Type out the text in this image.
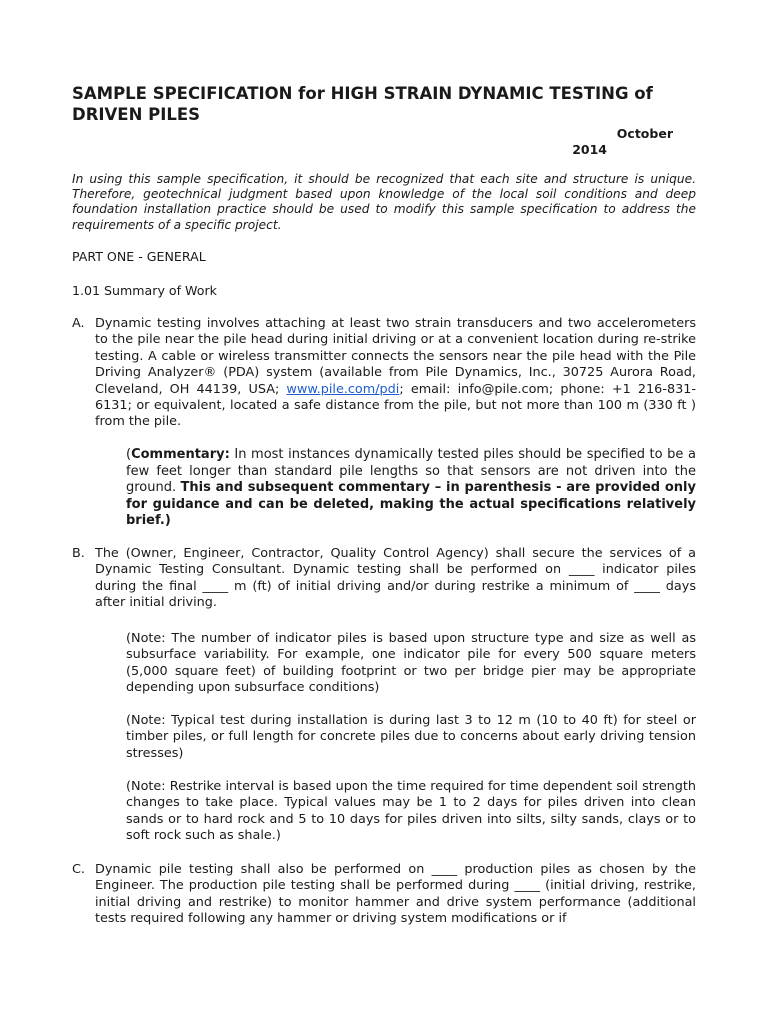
SAMPLE SPECIFICATION for HIGH STRAIN DYNAMIC TESTING of DRIVEN PILES
October
2014
In using this sample specification, it should be recognized that each site and structure is unique. Therefore, geotechnical judgment based upon knowledge of the local soil conditions and deep foundation installation practice should be used to modify this sample specification to address the requirements of a specific project.
PART ONE - GENERAL
1.01 Summary of Work
A. Dynamic testing involves attaching at least two strain transducers and two accelerometers to the pile near the pile head during initial driving or at a convenient location during re-strike testing. A cable or wireless transmitter connects the sensors near the pile head with the Pile Driving Analyzer® (PDA) system (available from Pile Dynamics, Inc., 30725 Aurora Road, Cleveland, OH 44139, USA; www.pile.com/pdi; email: info@pile.com; phone: +1 216-831-6131; or equivalent, located a safe distance from the pile, but not more than 100 m (330 ft ) from the pile.
(Commentary: In most instances dynamically tested piles should be specified to be a few feet longer than standard pile lengths so that sensors are not driven into the ground. This and subsequent commentary – in parenthesis - are provided only for guidance and can be deleted, making the actual specifications relatively brief.)
B. The (Owner, Engineer, Contractor, Quality Control Agency) shall secure the services of a Dynamic Testing Consultant. Dynamic testing shall be performed on ____ indicator piles during the final ____ m (ft) of initial driving and/or during restrike a minimum of ____ days after initial driving.
(Note: The number of indicator piles is based upon structure type and size as well as subsurface variability. For example, one indicator pile for every 500 square meters (5,000 square feet) of building footprint or two per bridge pier may be appropriate depending upon subsurface conditions)
(Note: Typical test during installation is during last 3 to 12 m (10 to 40 ft) for steel or timber piles, or full length for concrete piles due to concerns about early driving tension stresses)
(Note: Restrike interval is based upon the time required for time dependent soil strength changes to take place. Typical values may be 1 to 2 days for piles driven into clean sands or to hard rock and 5 to 10 days for piles driven into silts, silty sands, clays or to soft rock such as shale.)
C. Dynamic pile testing shall also be performed on ____ production piles as chosen by the Engineer. The production pile testing shall be performed during ____ (initial driving, restrike, initial driving and restrike) to monitor hammer and drive system performance (additional tests required following any hammer or driving system modifications or if
